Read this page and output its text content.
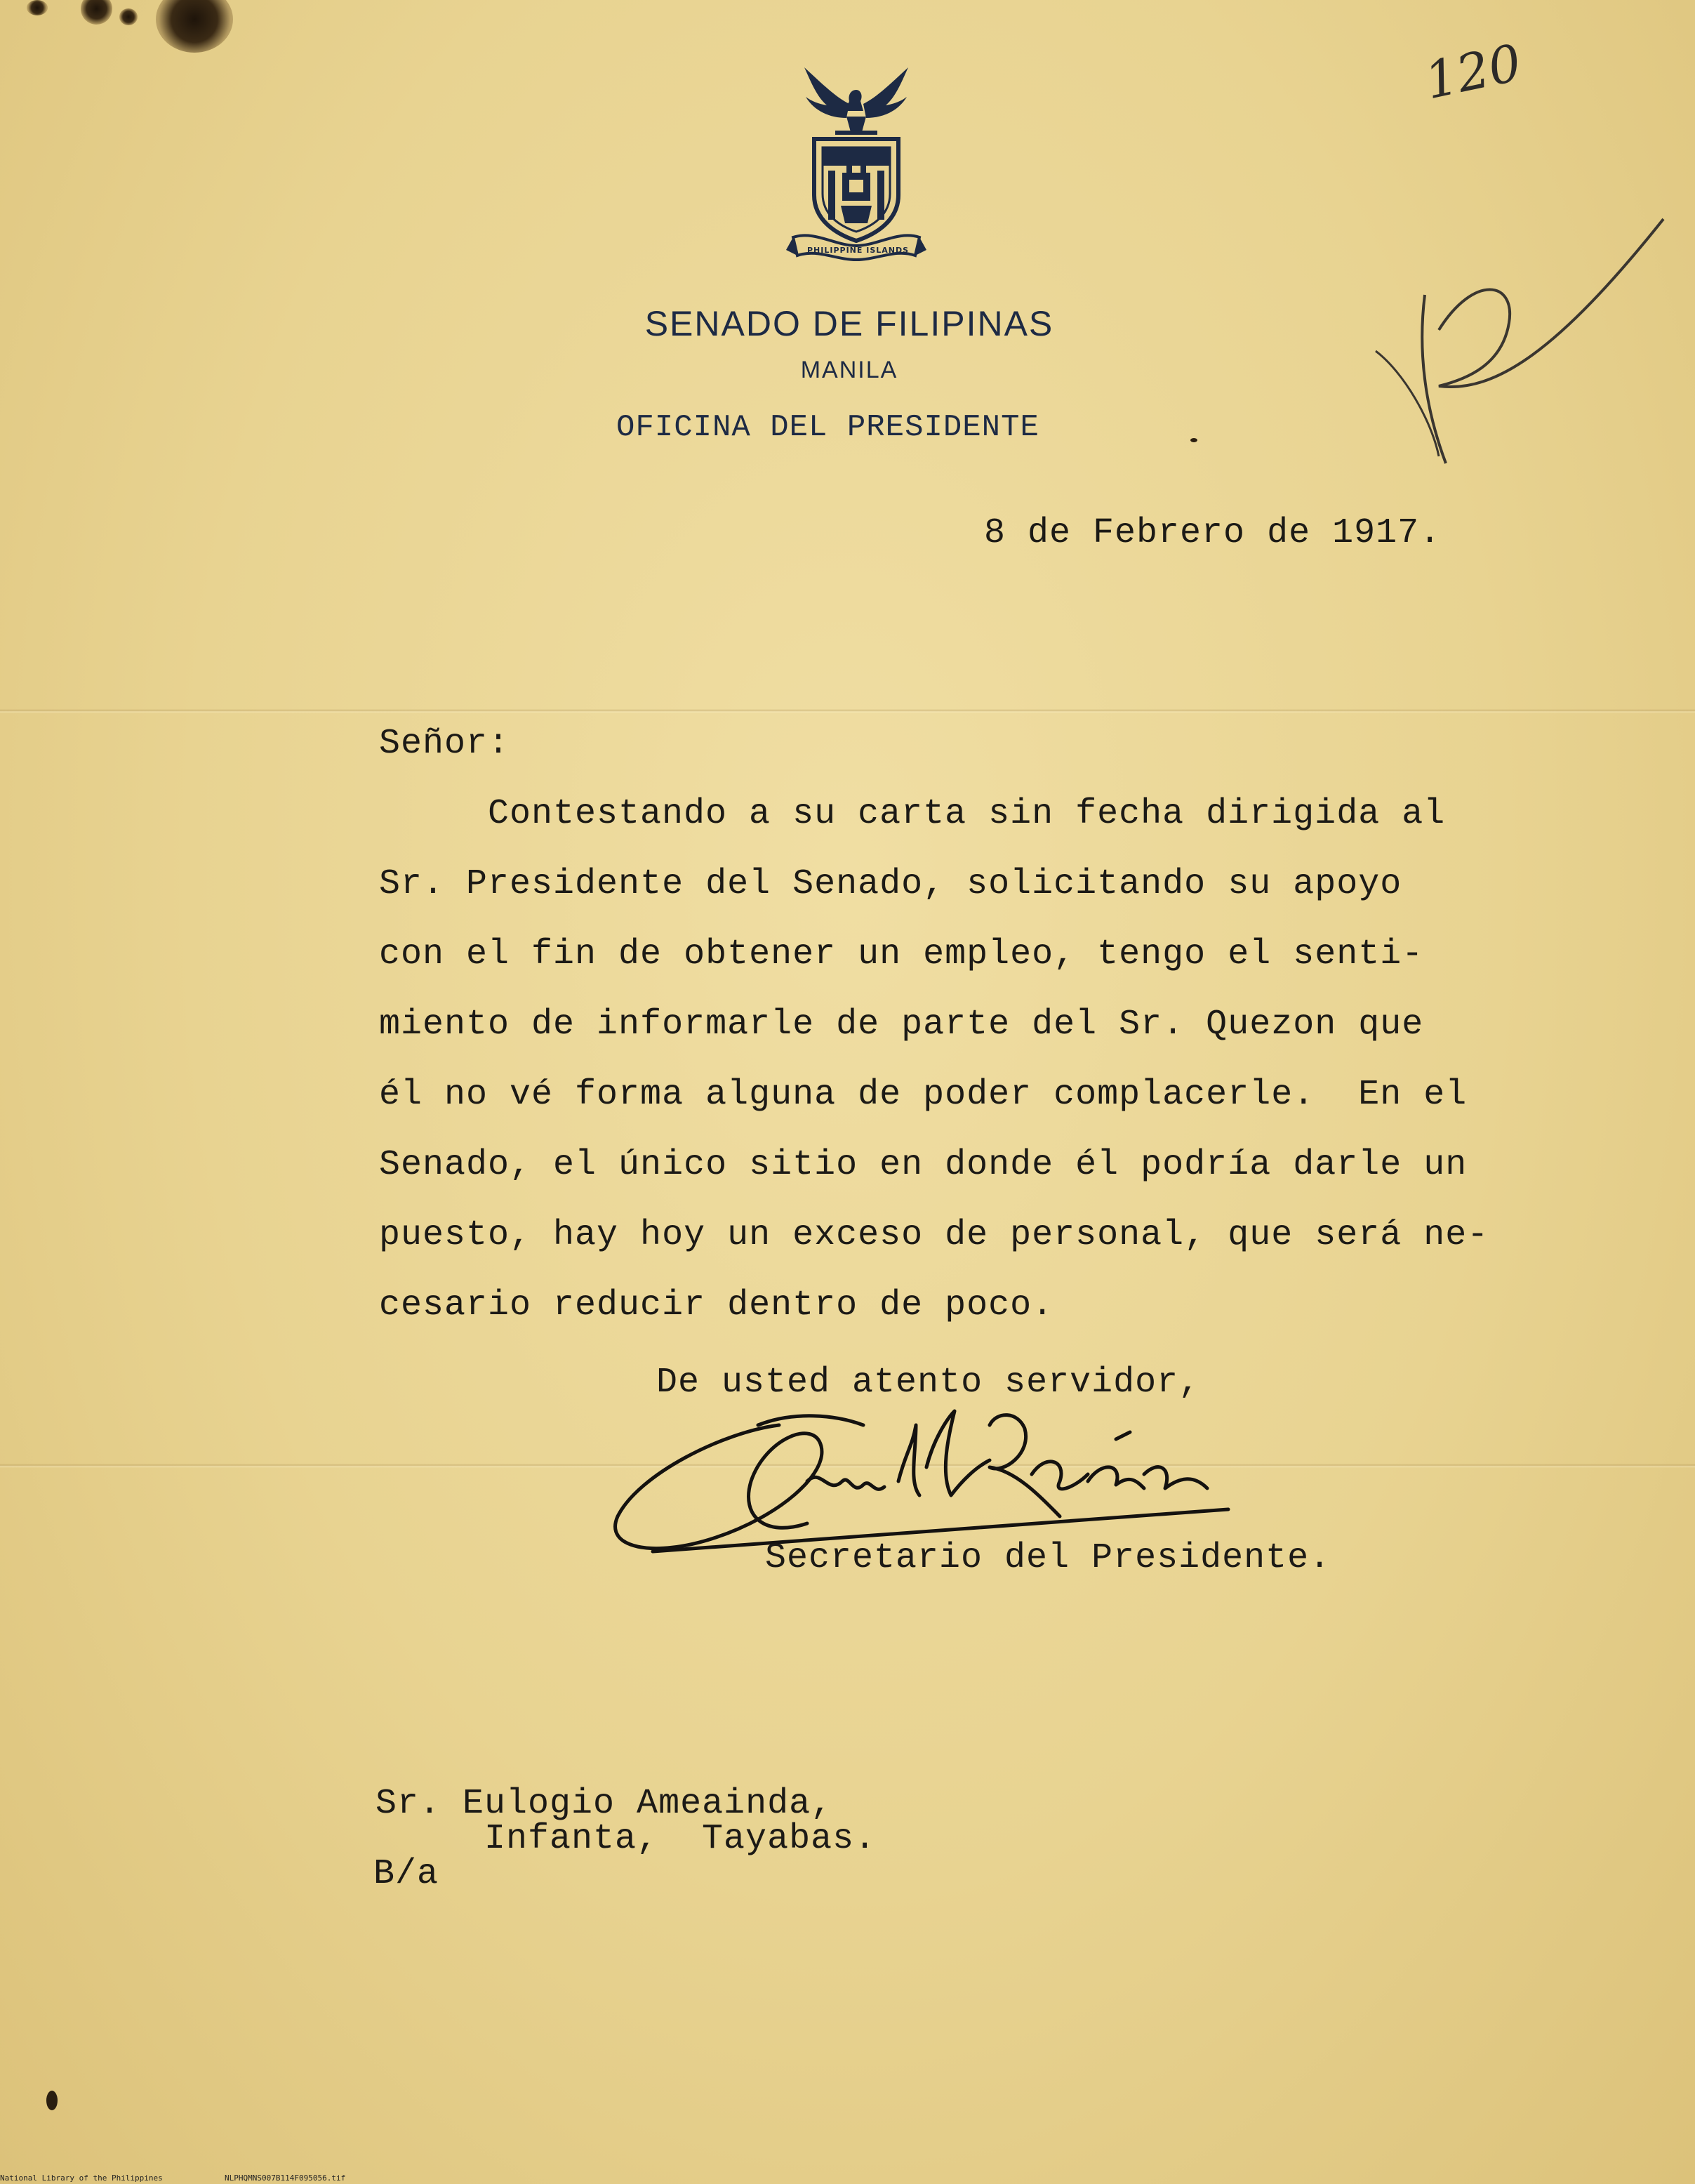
PHILIPPINE ISLANDS
SENADO DE FILIPINAS
MANILA
OFICINA DEL PRESIDENTE
120
8 de Febrero de 1917.
Señor:
Contestando a su carta sin fecha dirigida al
Sr. Presidente del Senado, solicitando su apoyo
con el fin de obtener un empleo, tengo el senti-
miento de informarle de parte del Sr. Quezon que
él no vé forma alguna de poder complacerle.  En el
Senado, el único sitio en donde él podría darle un
puesto, hay hoy un exceso de personal, que será ne-
cesario reducir dentro de poco.
De usted atento servidor,
Secretario del Presidente.
Sr. Eulogio Ameainda,
Infanta,  Tayabas.
B/a
National Library of the Philippines	NLPHQMNS007B114F095056.tif
